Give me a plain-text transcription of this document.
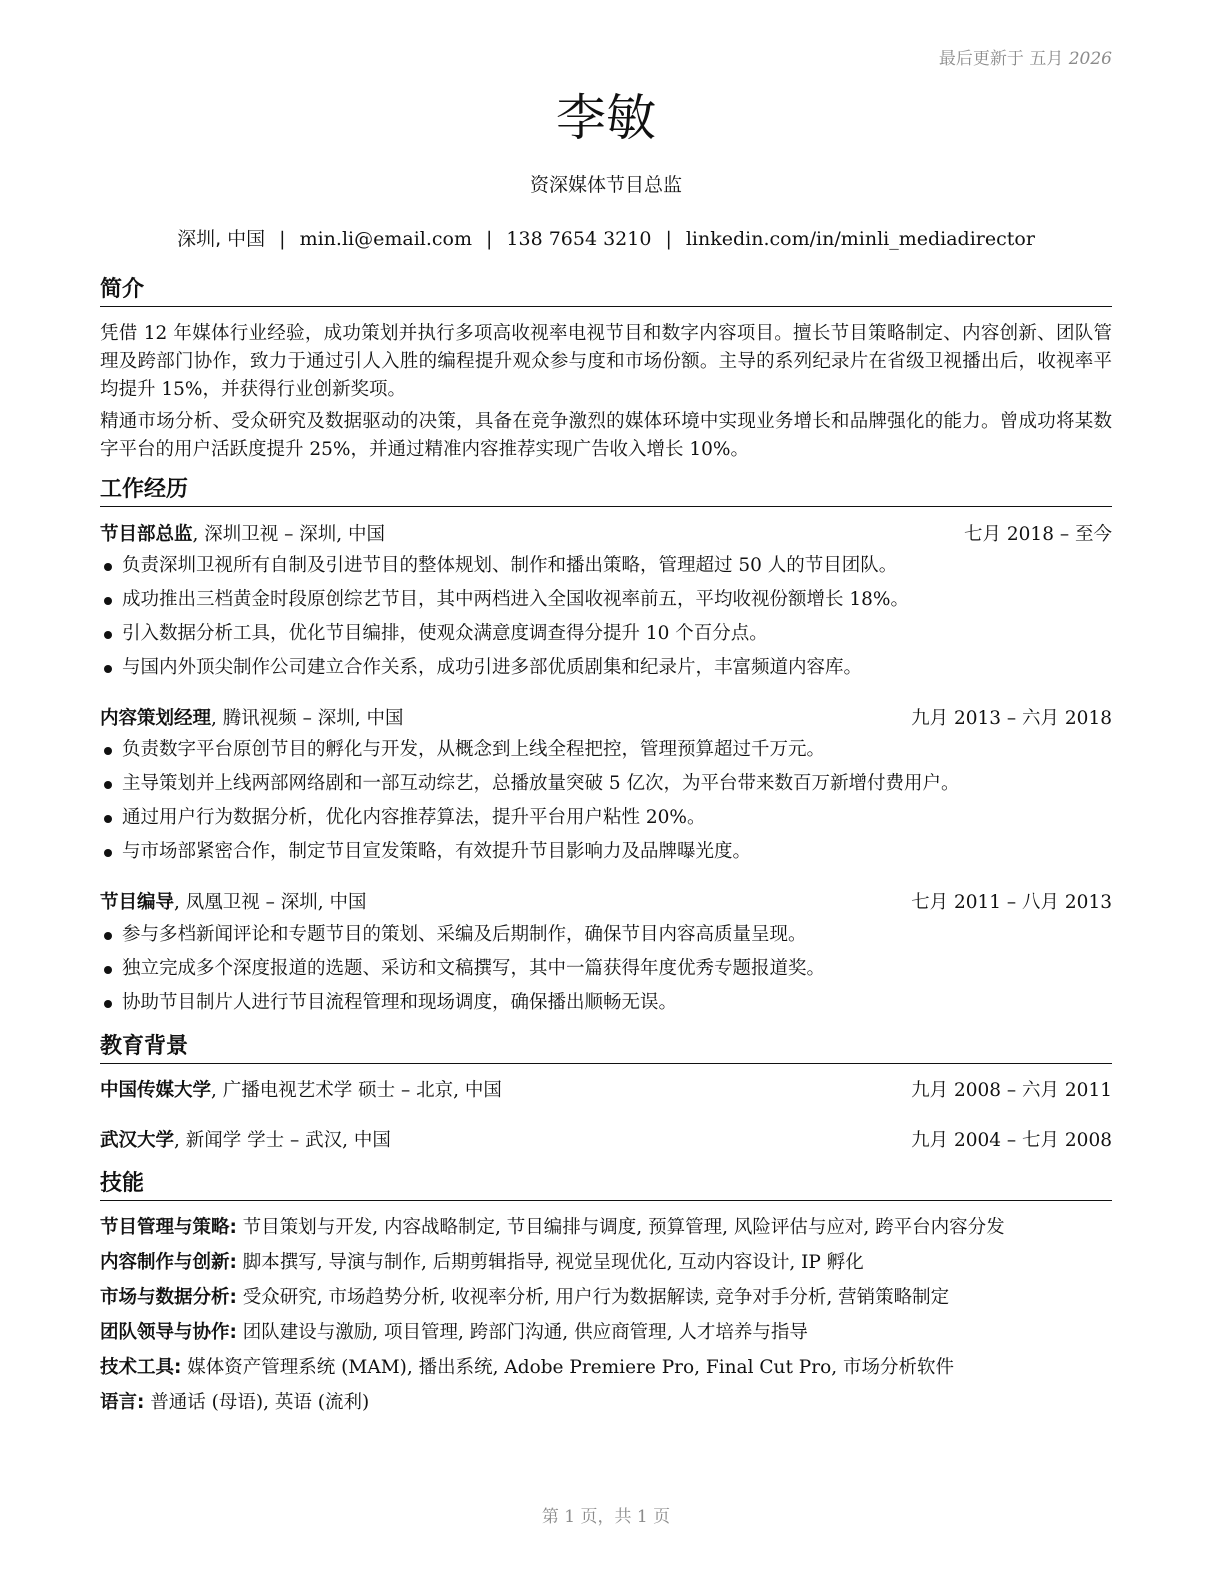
最后更新于 五月 2026
李敏
资深媒体节目总监
深圳, 中国 | min.li@email.com | 138 7654 3210 | linkedin.com/in/minli_mediadirector
简介

凭借 12 年媒体行业经验，成功策划并执行多项高收视率电视节目和数字内容项目。擅长节目策略制定、内容创新、团队管理及跨部门协作，致力于通过引人入胜的编程提升观众参与度和市场份额。主导的系列纪录片在省级卫视播出后，收视率平均提升 15%，并获得行业创新奖项。

精通市场分析、受众研究及数据驱动的决策，具备在竞争激烈的媒体环境中实现业务增长和品牌强化的能力。曾成功将某数字平台的用户活跃度提升 25%，并通过精准内容推荐实现广告收入增长 10%。

工作经历
节目部总监, 深圳卫视 – 深圳, 中国	七月 2018 – 至今
负责深圳卫视所有自制及引进节目的整体规划、制作和播出策略，管理超过 50 人的节目团队。
成功推出三档黄金时段原创综艺节目，其中两档进入全国收视率前五，平均收视份额增长 18%。
引入数据分析工具，优化节目编排，使观众满意度调查得分提升 10 个百分点。
与国内外顶尖制作公司建立合作关系，成功引进多部优质剧集和纪录片，丰富频道内容库。
内容策划经理, 腾讯视频 – 深圳, 中国	九月 2013 – 六月 2018
负责数字平台原创节目的孵化与开发，从概念到上线全程把控，管理预算超过千万元。
主导策划并上线两部网络剧和一部互动综艺，总播放量突破 5 亿次，为平台带来数百万新增付费用户。
通过用户行为数据分析，优化内容推荐算法，提升平台用户粘性 20%。
与市场部紧密合作，制定节目宣发策略，有效提升节目影响力及品牌曝光度。
节目编导, 凤凰卫视 – 深圳, 中国	七月 2011 – 八月 2013
参与多档新闻评论和专题节目的策划、采编及后期制作，确保节目内容高质量呈现。
独立完成多个深度报道的选题、采访和文稿撰写，其中一篇获得年度优秀专题报道奖。
协助节目制片人进行节目流程管理和现场调度，确保播出顺畅无误。
教育背景
中国传媒大学, 广播电视艺术学 硕士 – 北京, 中国	九月 2008 – 六月 2011
武汉大学, 新闻学 学士 – 武汉, 中国	九月 2004 – 七月 2008
技能
节目管理与策略: 节目策划与开发, 内容战略制定, 节目编排与调度, 预算管理, 风险评估与应对, 跨平台内容分发
内容制作与创新: 脚本撰写, 导演与制作, 后期剪辑指导, 视觉呈现优化, 互动内容设计, IP 孵化
市场与数据分析: 受众研究, 市场趋势分析, 收视率分析, 用户行为数据解读, 竞争对手分析, 营销策略制定
团队领导与协作: 团队建设与激励, 项目管理, 跨部门沟通, 供应商管理, 人才培养与指导
技术工具: 媒体资产管理系统 (MAM), 播出系统, Adobe Premiere Pro, Final Cut Pro, 市场分析软件
语言: 普通话 (母语), 英语 (流利)
第 1 页，共 1 页
